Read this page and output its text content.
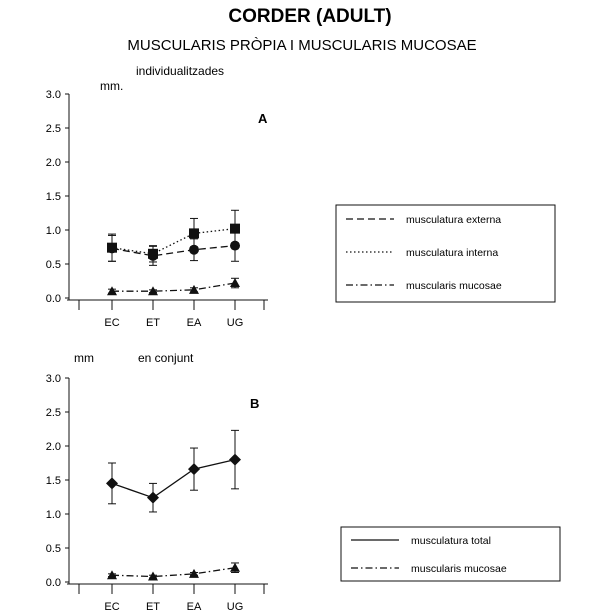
CORDER (ADULT)
MUSCULARIS PRÒPIA I MUSCULARIS MUCOSAE
0.0
0.5
1.0
1.5
2.0
2.5
3.0
EC ET EA UG
mm.
individualitzades
A
musculatura externa
musculatura interna
muscularis mucosae
0.0
0.5
1.0
1.5
2.0
2.5
3.0
EC ET EA UG
mm	en conjunt
B
musculatura total
muscularis mucosae
